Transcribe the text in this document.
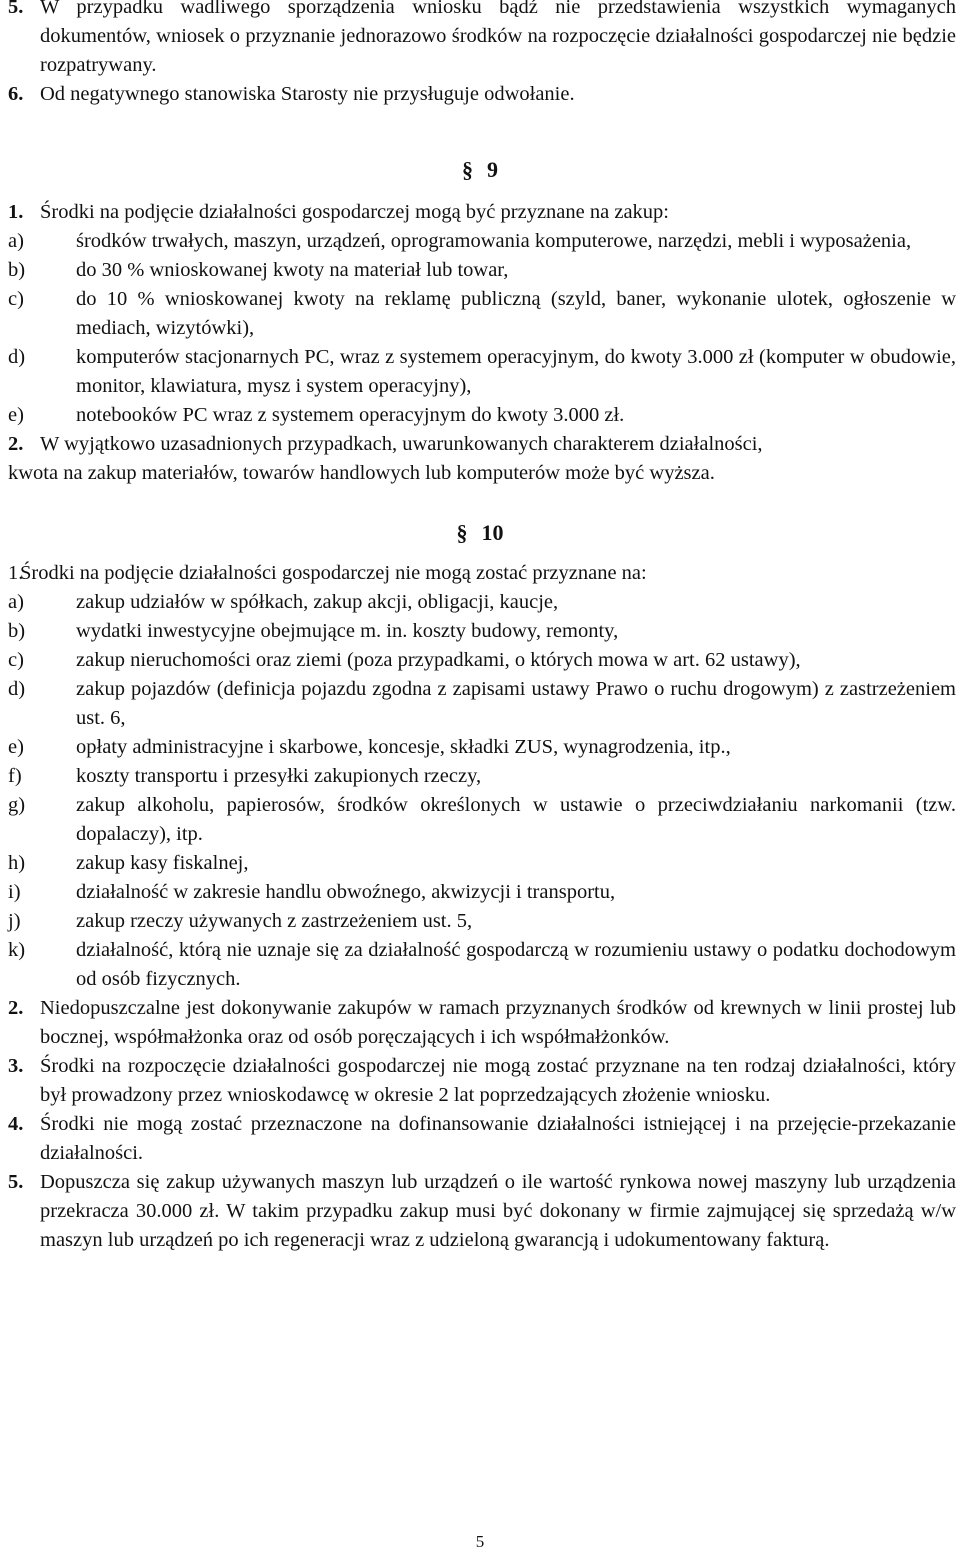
5. W przypadku wadliwego sporządzenia wniosku bądź nie przedstawienia wszystkich wymaganych dokumentów, wniosek o przyznanie jednorazowo środków na rozpoczęcie działalności gospodarczej nie będzie rozpatrywany.

6. Od negatywnego stanowiska Starosty nie przysługuje odwołanie.

§ 9

1. Środki na podjęcie działalności gospodarczej mogą być przyznane na zakup:

a)	środków trwałych, maszyn, urządzeń, oprogramowania komputerowe, narzędzi, mebli i wyposażenia,

b) do 30 % wnioskowanej kwoty na materiał lub towar,

c)	do 10 % wnioskowanej kwoty na reklamę publiczną (szyld, baner, wykonanie ulotek, ogłoszenie w mediach, wizytówki),

d) komputerów stacjonarnych PC, wraz z systemem operacyjnym, do kwoty 3.000 zł (komputer w obudowie, monitor, klawiatura, mysz i system operacyjny),

e)	notebooków PC wraz z systemem operacyjnym do kwoty 3.000 zł.

2. W wyjątkowo uzasadnionych przypadkach, uwarunkowanych charakterem działalności,

kwota na zakup materiałów, towarów handlowych lub komputerów może być wyższa.

§ 10

1.
Środki na podjęcie działalności gospodarczej nie mogą zostać przyznane na:

a)	zakup udziałów w spółkach, zakup akcji, obligacji, kaucje,

b) wydatki inwestycyjne obejmujące m. in. koszty budowy, remonty,

c)	zakup nieruchomości oraz ziemi (poza przypadkami, o których mowa w art. 62 ustawy),

d) zakup pojazdów (definicja pojazdu zgodna z zapisami ustawy Prawo o ruchu drogowym) z zastrzeżeniem ust. 6,

e)	opłaty administracyjne i skarbowe, koncesje, składki ZUS, wynagrodzenia, itp.,

f)	koszty transportu i przesyłki zakupionych rzeczy,

g) zakup alkoholu, papierosów, środków określonych w ustawie o przeciwdziałaniu narkomanii (tzw. dopalaczy), itp.

h) zakup kasy fiskalnej,

i)	działalność w zakresie handlu obwoźnego, akwizycji i transportu,

j)	zakup rzeczy używanych z zastrzeżeniem ust. 5,

k) działalność, którą nie uznaje się za działalność gospodarczą w rozumieniu ustawy o podatku dochodowym od osób fizycznych.

2. Niedopuszczalne jest dokonywanie zakupów w ramach przyznanych środków od krewnych w linii prostej lub bocznej, współmałżonka oraz od osób poręczających i ich współmałżonków.

3. Środki na rozpoczęcie działalności gospodarczej nie mogą zostać przyznane na ten rodzaj działalności, który był prowadzony przez wnioskodawcę w okresie 2 lat poprzedzających złożenie wniosku.

4. Środki nie mogą zostać przeznaczone na dofinansowanie działalności istniejącej i na przejęcie-przekazanie działalności.

5. Dopuszcza się zakup używanych maszyn lub urządzeń o ile wartość rynkowa nowej maszyny lub urządzenia przekracza 30.000 zł. W takim przypadku zakup musi być dokonany w firmie zajmującej się sprzedażą w/w maszyn lub urządzeń po ich regeneracji wraz z udzieloną gwarancją i udokumentowany fakturą.

5
